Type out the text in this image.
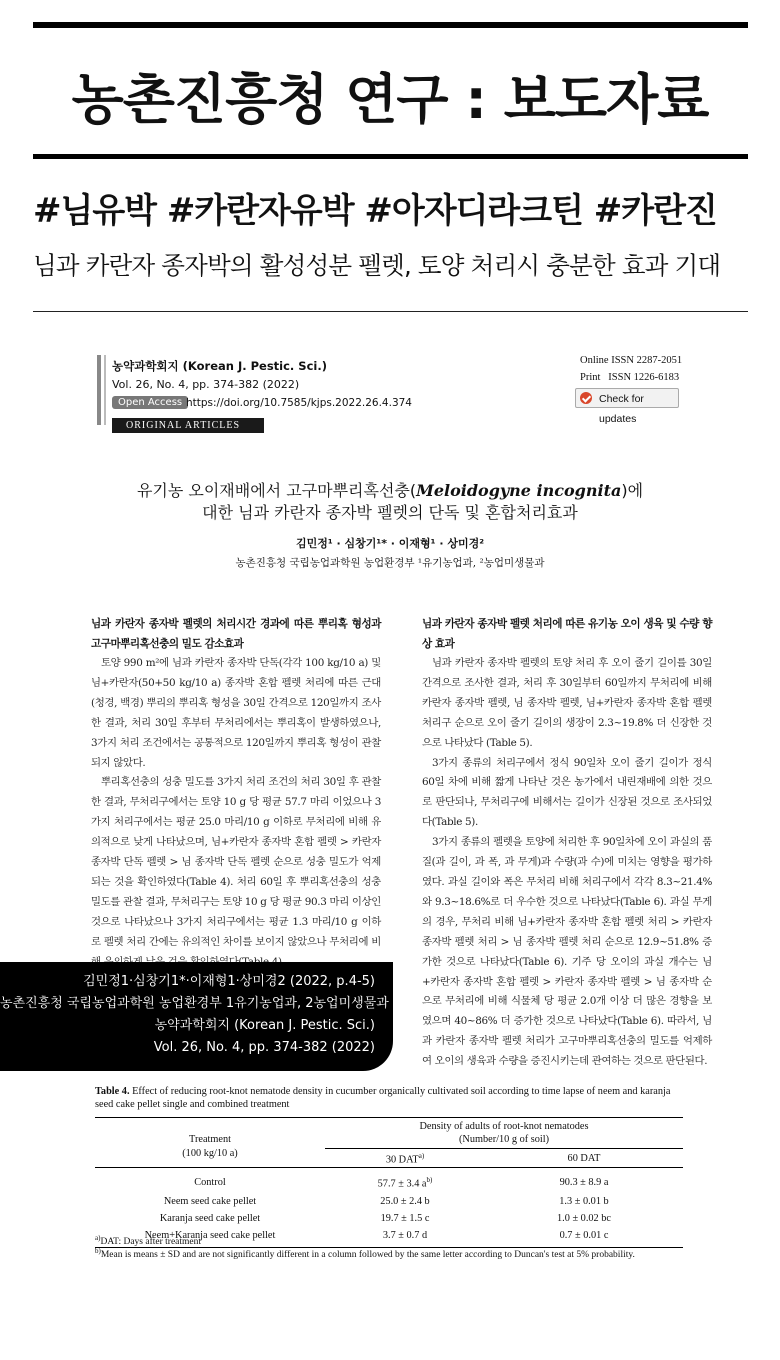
농촌진흥청 연구 : 보도자료
#님유박 #카란자유박 #아자디라크틴 #카란진
님과 카란자 종자박의 활성성분 펠렛, 토양 처리시 충분한 효과 기대
농약과학회지 (Korean J. Pestic. Sci.)
Vol. 26, No. 4, pp. 374-382 (2022)
Open Access https://doi.org/10.7585/kjps.2022.26.4.374
ORIGINAL ARTICLES
Online ISSN 2287-2051
Print   ISSN 1226-6183
Check for updates
유기농 오이재배에서 고구마뿌리혹선충(Meloidogyne incognita)에
대한 님과 카란자 종자박 펠렛의 단독 및 혼합처리효과
김민정¹ · 심창기¹* · 이재형¹ · 상미경²
농촌진흥청 국립농업과학원 농업환경부 ¹유기농업과, ²농업미생물과
님과 카란자 종자박 펠렛의 처리시간 경과에 따른 뿌리혹 형성과 고구마뿌리혹선충의 밀도 감소효과

토양 990 m²에 님과 카란자 종자박 단독(각각 100 kg/10 a) 및 님+카란자(50+50 kg/10 a) 종자박 혼합 펠렛 처리에 따른 근대(청경, 백경) 뿌리의 뿌리혹 형성을 30일 간격으로 120일까지 조사한 결과, 처리 30일 후부터 무처리에서는 뿌리혹이 발생하였으나, 3가지 처리 조건에서는 공통적으로 120일까지 뿌리혹 형성이 관찰되지 않았다.

뿌리혹선충의 성충 밀도를 3가지 처리 조건의 처리 30일 후 관찰한 결과, 무처리구에서는 토양 10 g 당 평균 57.7 마리 이었으나 3가지 처리구에서는 평균 25.0 마리/10 g 이하로 무처리에 비해 유의적으로 낮게 나타났으며, 님+카란자 종자박 혼합 펠렛 > 카란자 종자박 단독 펠렛 > 님 종자박 단독 펠렛 순으로 성충 밀도가 억제되는 것을 확인하였다(Table 4). 처리 60일 후 뿌리혹선충의 성충 밀도를 관찰 결과, 무처리구는 토양 10 g 당 평균 90.3 마리 이상인 것으로 나타났으나 3가지 처리구에서는 평균 1.3 마리/10 g 이하로 펠렛 처리 간에는 유의적인 차이를 보이지 않았으나 무처리에 비

님과 카란자 종자박 펠렛 처리에 따른 유기농 오이 생육 및 수량 향상 효과

님과 카란자 종자박 펠렛의 토양 처리 후 오이 줄기 길이를 30일 간격으로 조사한 결과, 처리 후 30일부터 60일까지 무처리에 비해 카란자 종자박 펠렛, 님 종자박 펠렛, 님+카란자 종자박 혼합 펠렛 처리구 순으로 오이 줄기 길이의 생장이 2.3~19.8% 더 신장한 것으로 나타났다 (Table 5).

3가지 종류의 처리구에서 정식 90일차 오이 줄기 길이가 정식 60일 차에 비해 짧게 나타난 것은 농가에서 내린재배에 의한 것으로 판단되나, 무처리구에 비해서는 길이가 신장된 것으로 조사되었다(Table 5).

3가지 종류의 펠렛을 토양에 처리한 후 90일차에 오이 과실의 품질(과 길이, 과 폭, 과 무게)과 수량(과 수)에 미치는 영향을 평가하였다. 과실 길이와 폭은 무처리 비해 처리구에서 각각 8.3~21.4%와 9.3~18.6%로 더 우수한 것으로 나타났다(Table 6). 과실 무게의 경우, 무처리 비해 님+카란자 종자박 혼합 펠렛 처리 > 카란자 종자박 펠렛 처리 > 님 종자박 펠렛 처리 순으로 12.9~51.8% 증가한 것으로 나타났다(Table 6). 기주 당 오이의 과실 개수는 님+카란자 종자박 혼합 펠렛 > 카란자 종자박 펠렛 > 님 종자박 순으로 무처리에 비해 식물체 당 평균 2.0개 이상 더 많은 경향을 보였으며 40~86% 더 증가한 것으로 나타났다(Table 6). 따라서, 님과 카란자 종자박 펠렛 처리가 고구마뿌리혹선충의 밀도를 억제하여 오이의 생육과 수량을 증진시키는데 관여하는 것으로 판단된다.

김민정1·심창기1*·이재형1·상미경2 (2022, p.4-5)
농촌진흥청 국립농업과학원 농업환경부 1유기농업과, 2농업미생물과
농약과학회지 (Korean J. Pestic. Sci.)
Vol. 26, No. 4, pp. 374-382 (2022)
Table 4. Effect of reducing root-knot nematode density in cucumber organically cultivated soil according to time lapse of neem and karanja seed cake pellet single and combined treatment
Treatment
(100 kg/10 a)	Density of adults of root-knot nematodes
(Number/10 g of soil)	
	30 DAT$^{a)}$	60 DAT
Control	57.7 ± 3.4 $a^{b)}$	90.3 ± 8.9 a
Neem seed cake pellet	25.0 ± 2.4 b	1.3 ± 0.01 b
Karanja seed cake pellet	19.7 ± 1.5 c	1.0 ± 0.02 bc
Neem+Karanja seed cake pellet	3.7 ± 0.7 d	0.7 ± 0.01 c
$^{a)}$DAT: Days after treatment
$^{b)}$Mean is means ± SD and are not significantly different in a column followed by the same letter according to Duncan's test at 5% probability.
